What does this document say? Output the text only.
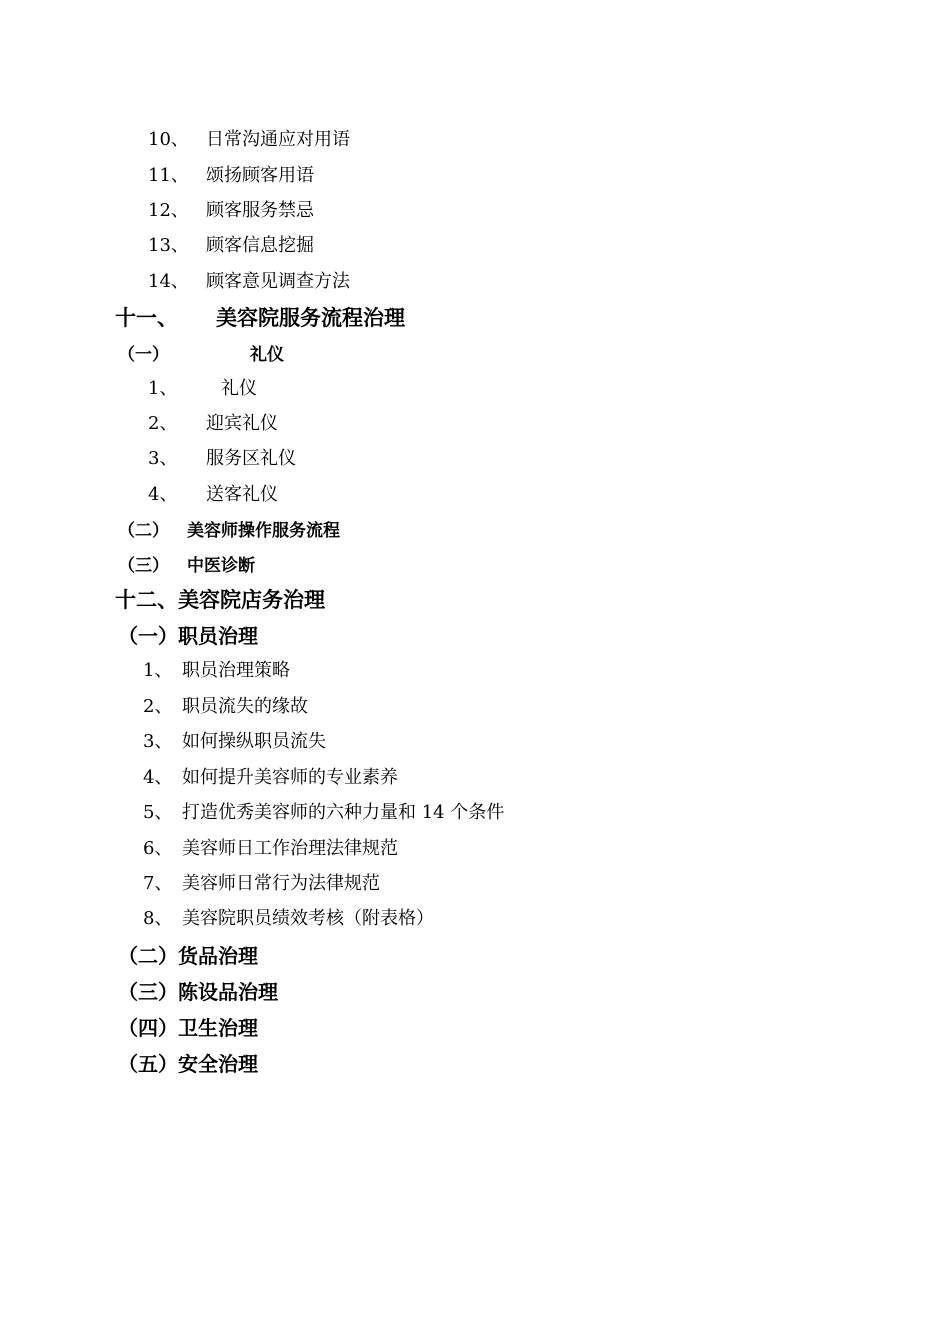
10、 日常沟通应对用语
11、 颂扬顾客用语
12、 顾客服务禁忌
13、 顾客信息挖掘
14、 顾客意见调查方法
十一、 美容院服务流程治理
（一）	礼仪
1、 礼仪
2、 迎宾礼仪
3、 服务区礼仪
4、 送客礼仪
（二） 美容师操作服务流程
（三） 中医诊断
十二、美容院店务治理
（一）职员治理
1、 职员治理策略
2、 职员流失的缘故
3、 如何操纵职员流失
4、 如何提升美容师的专业素养
5、 打造优秀美容师的六种力量和 14 个条件
6、 美容师日工作治理法律规范
7、 美容师日常行为法律规范
8、 美容院职员绩效考核（附表格）
（二）货品治理
（三）陈设品治理
（四）卫生治理
（五）安全治理
